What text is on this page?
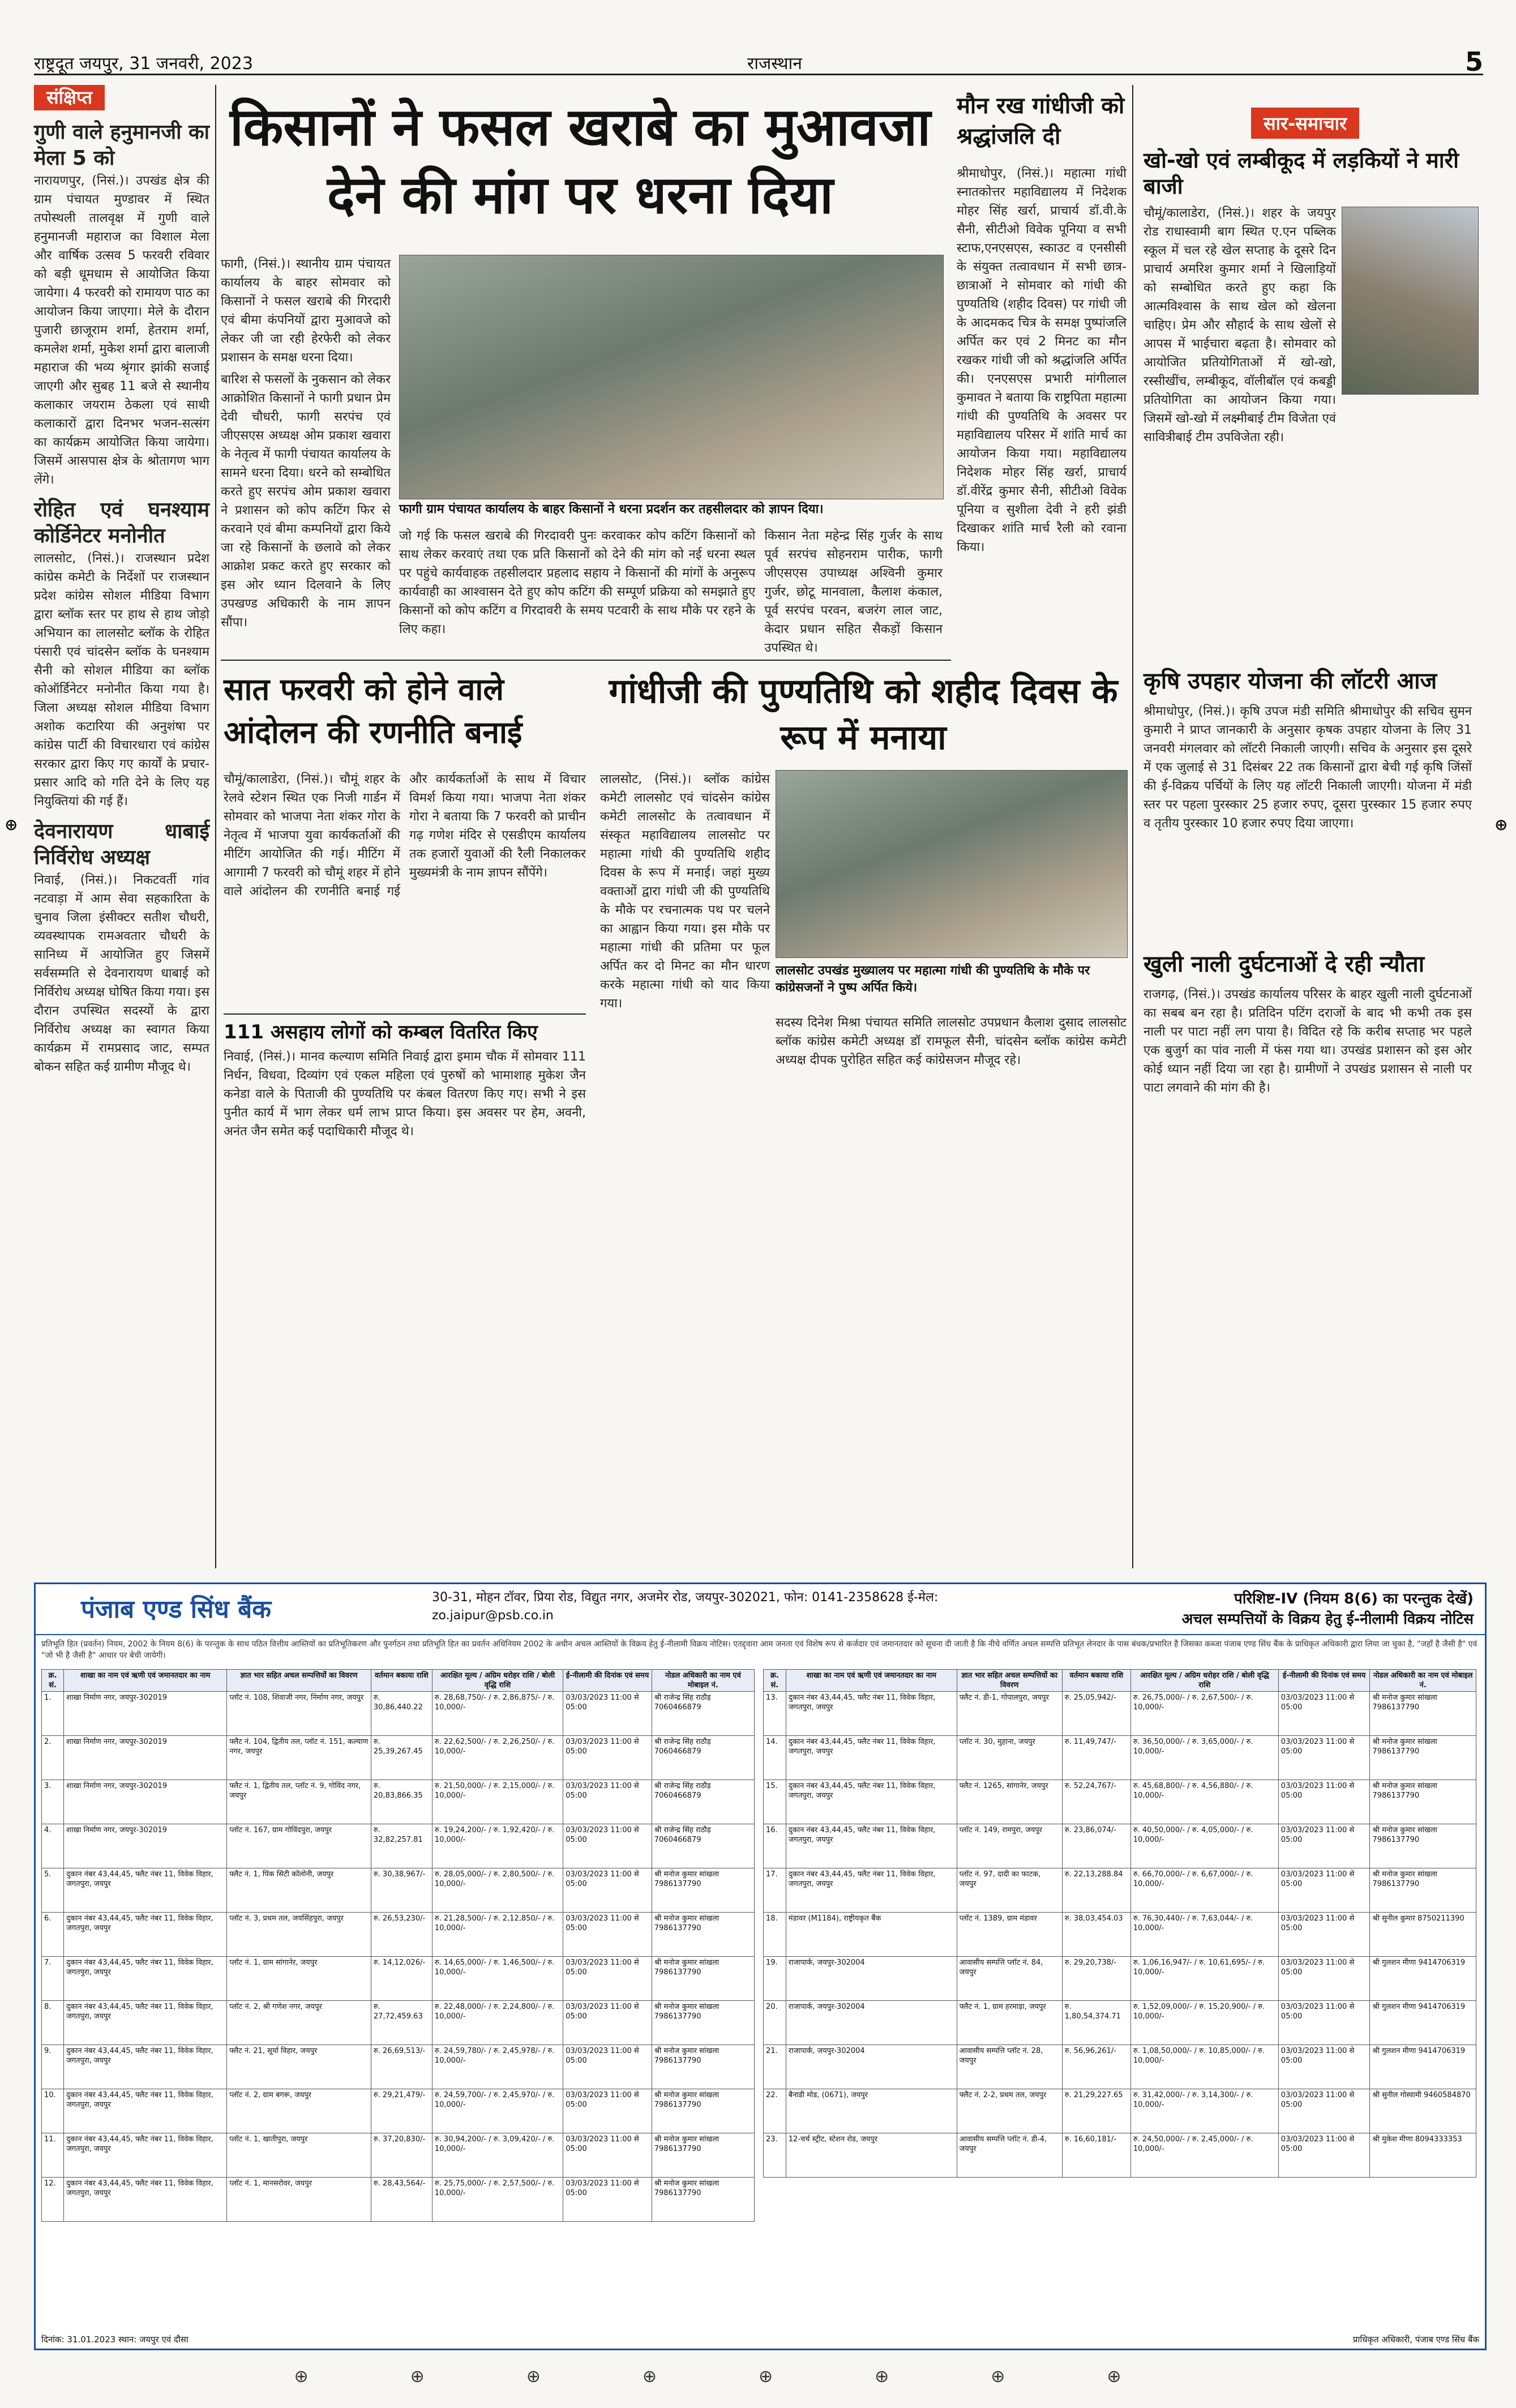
राष्ट्रदूत जयपुर, 31 जनवरी, 2023	राजस्थान	5
संक्षिप्त
गुणी वाले हनुमानजी का मेला 5 को

नारायणपुर, (निसं.)। उपखंड क्षेत्र की ग्राम पंचायत मुण्डावर में स्थित तपोस्थली तालवृक्ष में गुणी वाले हनुमानजी महाराज का विशाल मेला और वार्षिक उत्सव 5 फरवरी रविवार को बड़ी धूमधाम से आयोजित किया जायेगा। 4 फरवरी को रामायण पाठ का आयोजन किया जाएगा। मेले के दौरान पुजारी छाजूराम शर्मा, हेतराम शर्मा, कमलेश शर्मा, मुकेश शर्मा द्वारा बालाजी महाराज की भव्य श्रृंगार झांकी सजाई जाएगी और सुबह 11 बजे से स्थानीय कलाकार जयराम ठेकला एवं साथी कलाकारों द्वारा दिनभर भजन-सत्संग का कार्यक्रम आयोजित किया जायेगा। जिसमें आसपास क्षेत्र के श्रोतागण भाग लेंगे।

रोहित एवं घनश्याम कोर्डिनेटर मनोनीत

लालसोट, (निसं.)। राजस्थान प्रदेश कांग्रेस कमेटी के निर्देशों पर राजस्थान प्रदेश कांग्रेस सोशल मीडिया विभाग द्वारा ब्लॉक स्तर पर हाथ से हाथ जोड़ो अभियान का लालसोट ब्लॉक के रोहित पंसारी एवं चांदसेन ब्लॉक के घनश्याम सैनी को सोशल मीडिया का ब्लॉक कोऑर्डिनेटर मनोनीत किया गया है। जिला अध्यक्ष सोशल मीडिया विभाग अशोक कटारिया की अनुशंषा पर कांग्रेस पार्टी की विचारधारा एवं कांग्रेस सरकार द्वारा किए गए कार्यों के प्रचार-प्रसार आदि को गति देने के लिए यह नियुक्तियां की गई हैं।

देवनारायण धाबाई निर्विरोध अध्यक्ष

निवाई, (निसं.)। निकटवर्ती गांव नटवाड़ा में आम सेवा सहकारिता के चुनाव जिला इंसीक्टर सतीश चौधरी, व्यवस्थापक रामअवतार चौधरी के सानिध्य में आयोजित हुए जिसमें सर्वसम्मति से देवनारायण धाबाई को निर्विरोध अध्यक्ष घोषित किया गया। इस दौरान उपस्थित सदस्यों के द्वारा निर्विरोध अध्यक्ष का स्वागत किया कार्यक्रम में रामप्रसाद जाट, सम्पत बोकन सहित कई ग्रामीण मौजूद थे।

किसानों ने फसल खराबे का मुआवजा देने की मांग पर धरना दिया

फागी, (निसं.)। स्थानीय ग्राम पंचायत कार्यालय के बाहर सोमवार को किसानों ने फसल खराबे की गिरदारी एवं बीमा कंपनियों द्वारा मुआवजे को लेकर जी जा रही हेरफेरी को लेकर प्रशासन के समक्ष धरना दिया।

बारिश से फसलों के नुकसान को लेकर आक्रोशित किसानों ने फागी प्रधान प्रेम देवी चौधरी, फागी सरपंच एवं जीएसएस अध्यक्ष ओम प्रकाश खवारा के नेतृत्व में फागी पंचायत कार्यालय के सामने धरना दिया। धरने को सम्बोधित करते हुए सरपंच ओम प्रकाश खवारा ने प्रशासन को कोप कटिंग फिर से करवाने एवं बीमा कम्पनियों द्वारा किये जा रहे किसानों के छलावे को लेकर आक्रोश प्रकट करते हुए सरकार को इस ओर ध्यान दिलवाने के लिए उपखण्ड अधिकारी के नाम ज्ञापन सौंपा।

फागी ग्राम पंचायत कार्यालय के बाहर किसानों ने धरना प्रदर्शन कर तहसीलदार को ज्ञापन दिया।

जो गई कि फसल खराबे की गिरदावरी पुनः करवाकर कोप कटिंग किसानों को साथ लेकर करवाएं तथा एक प्रति किसानों को देने की मांग को नई धरना स्थल पर पहुंचे कार्यवाहक तहसीलदार प्रहलाद सहाय ने किसानों की मांगों के अनुरूप कार्यवाही का आश्वासन देते हुए कोप कटिंग की सम्पूर्ण प्रक्रिया को समझाते हुए किसानों को कोप कटिंग व गिरदावरी के समय पटवारी के साथ मौके पर रहने के लिए कहा।

किसान नेता महेन्द्र सिंह गुर्जर के साथ पूर्व सरपंच सोहनराम पारीक, फागी जीएसएस उपाध्यक्ष अश्विनी कुमार गुर्जर, छोटू मानवाला, कैलाश कंकाल, पूर्व सरपंच परवन, बजरंग लाल जाट, केदार प्रधान सहित सैकड़ों किसान उपस्थित थे।

मौन रख गांधीजी को श्रद्धांजलि दी

श्रीमाधोपुर, (निसं.)। महात्मा गांधी स्नातकोत्तर महाविद्यालय में निदेशक मोहर सिंह खर्रा, प्राचार्य डॉ.वी.के सैनी, सीटीओ विवेक पूनिया व सभी स्टाफ,एनएसएस, स्काउट व एनसीसी के संयुक्त तत्वावधान में सभी छात्र-छात्राओं ने सोमवार को गांधी की पुण्यतिथि (शहीद दिवस) पर गांधी जी के आदमकद चित्र के समक्ष पुष्पांजलि अर्पित कर एवं 2 मिनट का मौन रखकर गांधी जी को श्रद्धांजलि अर्पित की। एनएसएस प्रभारी मांगीलाल कुमावत ने बताया कि राष्ट्रपिता महात्मा गांधी की पुण्यतिथि के अवसर पर महाविद्यालय परिसर में शांति मार्च का आयोजन किया गया। महाविद्यालय निदेशक मोहर सिंह खर्रा, प्राचार्य डॉ.वीरेंद्र कुमार सैनी, सीटीओ विवेक पूनिया व सुशीला देवी ने हरी झंडी दिखाकर शांति मार्च रैली को रवाना किया।

सार-समाचार
खो-खो एवं लम्बीकूद में लड़कियों ने मारी बाजी

चौमूं/कालाडेरा, (निसं.)। शहर के जयपुर रोड राधास्वामी बाग स्थित ए.एन पब्लिक स्कूल में चल रहे खेल सप्ताह के दूसरे दिन प्राचार्य अमरिश कुमार शर्मा ने खिलाड़ियों को सम्बोधित करते हुए कहा कि आत्मविश्वास के साथ खेल को खेलना चाहिए। प्रेम और सौहार्द के साथ खेलों से आपस में भाईचारा बढ़ता है। सोमवार को आयोजित प्रतियोगिताओं में खो-खो, रस्सीखींच, लम्बीकूद, वॉलीबॉल एवं कबड्डी प्रतियोगिता का आयोजन किया गया। जिसमें खो-खो में लक्ष्मीबाई टीम विजेता एवं सावित्रीबाई टीम उपविजेता रही।

कृषि उपहार योजना की लॉटरी आज

श्रीमाधोपुर, (निसं.)। कृषि उपज मंडी समिति श्रीमाधोपुर की सचिव सुमन कुमारी ने प्राप्त जानकारी के अनुसार कृषक उपहार योजना के लिए 31 जनवरी मंगलवार को लॉटरी निकाली जाएगी। सचिव के अनुसार इस दूसरे में एक जुलाई से 31 दिसंबर 22 तक किसानों द्वारा बेची गई कृषि जिंसों की ई-विक्रय पर्चियों के लिए यह लॉटरी निकाली जाएगी। योजना में मंडी स्तर पर पहला पुरस्कार 25 हजार रुपए, दूसरा पुरस्कार 15 हजार रुपए व तृतीय पुरस्कार 10 हजार रुपए दिया जाएगा।

खुली नाली दुर्घटनाओं दे रही न्यौता

राजगढ़, (निसं.)। उपखंड कार्यालय परिसर के बाहर खुली नाली दुर्घटनाओं का सबब बन रहा है। प्रतिदिन पटिंग दराजों के बाद भी कभी तक इस नाली पर पाटा नहीं लग पाया है। विदित रहे कि करीब सप्ताह भर पहले एक बुजुर्ग का पांव नाली में फंस गया था। उपखंड प्रशासन को इस ओर कोई ध्यान नहीं दिया जा रहा है। ग्रामीणों ने उपखंड प्रशासन से नाली पर पाटा लगवाने की मांग की है।

सात फरवरी को होने वाले आंदोलन की रणनीति बनाई

चौमूं/कालाडेरा, (निसं.)। चौमूं शहर के रेलवे स्टेशन स्थित एक निजी गार्डन में सोमवार को भाजपा नेता शंकर गोरा के नेतृत्व में भाजपा युवा कार्यकर्ताओं की मीटिंग आयोजित की गई। मीटिंग में आगामी 7 फरवरी को चौमूं शहर में होने वाले आंदोलन की रणनीति बनाई गई और कार्यकर्ताओं के साथ में विचार विमर्श किया गया। भाजपा नेता शंकर गोरा ने बताया कि 7 फरवरी को प्राचीन गढ़ गणेश मंदिर से एसडीएम कार्यालय तक हजारों युवाओं की रैली निकालकर मुख्यमंत्री के नाम ज्ञापन सौंपेंगे।

111 असहाय लोगों को कम्बल वितरित किए

निवाई, (निसं.)। मानव कल्याण समिति निवाई द्वारा इमाम चौक में सोमवार 111 निर्धन, विधवा, दिव्यांग एवं एकल महिला एवं पुरुषों को भामाशाह मुकेश जैन कनेडा वाले के पिताजी की पुण्यतिथि पर कंबल वितरण किए गए। सभी ने इस पुनीत कार्य में भाग लेकर धर्म लाभ प्राप्त किया। इस अवसर पर हेम, अवनी, अनंत जैन समेत कई पदाधिकारी मौजूद थे।

गांधीजी की पुण्यतिथि को शहीद दिवस के रूप में मनाया

लालसोट, (निसं.)। ब्लॉक कांग्रेस कमेटी लालसोट एवं चांदसेन कांग्रेस कमेटी लालसोट के तत्वावधान में संस्कृत महाविद्यालय लालसोट पर महात्मा गांधी की पुण्यतिथि शहीद दिवस के रूप में मनाई। जहां मुख्य वक्ताओं द्वारा गांधी जी की पुण्यतिथि के मौके पर रचनात्मक पथ पर चलने का आह्वान किया गया। इस मौके पर महात्मा गांधी की प्रतिमा पर फूल अर्पित कर दो मिनट का मौन धारण करके महात्मा गांधी को याद किया गया।

लालसोट उपखंड मुख्यालय पर महात्मा गांधी की पुण्यतिथि के मौके पर कांग्रेसजनों ने पुष्प अर्पित किये।

सदस्य दिनेश मिश्रा पंचायत समिति लालसोट उपप्रधान कैलाश दुसाद लालसोट ब्लॉक कांग्रेस कमेटी अध्यक्ष डॉ रामफूल सैनी, चांदसेन ब्लॉक कांग्रेस कमेटी अध्यक्ष दीपक पुरोहित सहित कई कांग्रेसजन मौजूद रहे।

⊕	⊕
पंजाब एण्ड सिंध बैंक	30-31, मोहन टॉवर, प्रिया रोड, विद्युत नगर, अजमेर रोड, जयपुर-302021, फोन: 0141-2358628 ई-मेल: zo.jaipur@psb.co.in
परिशिष्ट-IV (नियम 8(6) का परन्तुक देखें)
अचल सम्पत्तियों के विक्रय हेतु ई-नीलामी विक्रय नोटिस
प्रतिभूति हित (प्रवर्तन) नियम, 2002 के नियम 8(6) के परन्तुक के साथ पठित वित्तीय आस्तियों का प्रतिभूतिकरण और पुनर्गठन तथा प्रतिभूति हित का प्रवर्तन अधिनियम 2002 के अधीन अचल आस्तियों के विक्रय हेतु ई-नीलामी विक्रय नोटिस। एतद्द्वारा आम जनता एवं विशेष रूप से कर्जदार एवं जमानतदार को सूचना दी जाती है कि नीचे वर्णित अचल सम्पत्ति प्रतिभूत लेनदार के पास बंधक/प्रभारित है जिसका कब्जा पंजाब एण्ड सिंध बैंक के प्राधिकृत अधिकारी द्वारा लिया जा चुका है, "जहाँ है जैसी है" एवं "जो भी है जैसी है" आधार पर बेची जायेगी।
क्र. सं.	शाखा का नाम एवं ऋणी एवं जमानतदार का नाम	ज्ञात भार सहित अचल सम्पत्तियों का विवरण	वर्तमान बकाया राशि	आरक्षित मूल्य / अग्रिम धरोहर राशि / बोली वृद्धि राशि	ई-नीलामी की दिनांक एवं समय	नोडल अधिकारी का नाम एवं मोबाइल नं.
1.	शाखा निर्माण नगर, जयपुर-302019	प्लॉट नं. 108, शिवाजी नगर, निर्माण नगर, जयपुर	रु. 30,86,440.22	रु. 28,68,750/- / रु. 2,86,875/- / रु. 10,000/-	03/03/2023 11:00 से 05:00	श्री राजेन्द्र सिंह राठौड़ 7060466879
2.	शाखा निर्माण नगर, जयपुर-302019	फ्लैट नं. 104, द्वितीय तल, प्लॉट नं. 151, कल्याण नगर, जयपुर	रु. 25,39,267.45	रु. 22,62,500/- / रु. 2,26,250/- / रु. 10,000/-	03/03/2023 11:00 से 05:00	श्री राजेन्द्र सिंह राठौड़ 7060466879
3.	शाखा निर्माण नगर, जयपुर-302019	फ्लैट नं. 1, द्वितीय तल, प्लॉट नं. 9, गोविंद नगर, जयपुर	रु. 20,83,866.35	रु. 21,50,000/- / रु. 2,15,000/- / रु. 10,000/-	03/03/2023 11:00 से 05:00	श्री राजेन्द्र सिंह राठौड़ 7060466879
4.	शाखा निर्माण नगर, जयपुर-302019	प्लॉट नं. 167, ग्राम गोविंदपुरा, जयपुर	रु. 32,82,257.81	रु. 19,24,200/- / रु. 1,92,420/- / रु. 10,000/-	03/03/2023 11:00 से 05:00	श्री राजेन्द्र सिंह राठौड़ 7060466879
5.	दुकान नंबर 43,44,45, फ्लैट नंबर 11, विवेक विहार, जगतपुरा, जयपुर	फ्लैट नं. 1, पिंक सिटी कॉलोनी, जयपुर	रु. 30,38,967/-	रु. 28,05,000/- / रु. 2,80,500/- / रु. 10,000/-	03/03/2023 11:00 से 05:00	श्री मनोज कुमार सांखला 7986137790
6.	दुकान नंबर 43,44,45, फ्लैट नंबर 11, विवेक विहार, जगतपुरा, जयपुर	प्लॉट नं. 3, प्रथम तल, जयसिंहपुरा, जयपुर	रु. 26,53,230/-	रु. 21,28,500/- / रु. 2,12,850/- / रु. 10,000/-	03/03/2023 11:00 से 05:00	श्री मनोज कुमार सांखला 7986137790
7.	दुकान नंबर 43,44,45, फ्लैट नंबर 11, विवेक विहार, जगतपुरा, जयपुर	प्लॉट नं. 1, ग्राम सांगानेर, जयपुर	रु. 14,12,026/-	रु. 14,65,000/- / रु. 1,46,500/- / रु. 10,000/-	03/03/2023 11:00 से 05:00	श्री मनोज कुमार सांखला 7986137790
8.	दुकान नंबर 43,44,45, फ्लैट नंबर 11, विवेक विहार, जगतपुरा, जयपुर	प्लॉट नं. 2, श्री गणेश नगर, जयपुर	रु. 27,72,459.63	रु. 22,48,000/- / रु. 2,24,800/- / रु. 10,000/-	03/03/2023 11:00 से 05:00	श्री मनोज कुमार सांखला 7986137790
9.	दुकान नंबर 43,44,45, फ्लैट नंबर 11, विवेक विहार, जगतपुरा, जयपुर	फ्लैट नं. 21, सूर्या विहार, जयपुर	रु. 26,69,513/-	रु. 24,59,780/- / रु. 2,45,978/- / रु. 10,000/-	03/03/2023 11:00 से 05:00	श्री मनोज कुमार सांखला 7986137790
10.	दुकान नंबर 43,44,45, फ्लैट नंबर 11, विवेक विहार, जगतपुरा, जयपुर	प्लॉट नं. 2, ग्राम बगरू, जयपुर	रु. 29,21,479/-	रु. 24,59,700/- / रु. 2,45,970/- / रु. 10,000/-	03/03/2023 11:00 से 05:00	श्री मनोज कुमार सांखला 7986137790
11.	दुकान नंबर 43,44,45, फ्लैट नंबर 11, विवेक विहार, जगतपुरा, जयपुर	प्लॉट नं. 1, खातीपुरा, जयपुर	रु. 37,20,830/-	रु. 30,94,200/- / रु. 3,09,420/- / रु. 10,000/-	03/03/2023 11:00 से 05:00	श्री मनोज कुमार सांखला 7986137790
12.	दुकान नंबर 43,44,45, फ्लैट नंबर 11, विवेक विहार, जगतपुरा, जयपुर	प्लॉट नं. 1, मानसरोवर, जयपुर	रु. 28,43,564/-	रु. 25,75,000/- / रु. 2,57,500/- / रु. 10,000/-	03/03/2023 11:00 से 05:00	श्री मनोज कुमार सांखला 7986137790
क्र. सं.	शाखा का नाम एवं ऋणी एवं जमानतदार का नाम	ज्ञात भार सहित अचल सम्पत्तियों का विवरण	वर्तमान बकाया राशि	आरक्षित मूल्य / अग्रिम धरोहर राशि / बोली वृद्धि राशि	ई-नीलामी की दिनांक एवं समय	नोडल अधिकारी का नाम एवं मोबाइल नं.
13.	दुकान नंबर 43,44,45, फ्लैट नंबर 11, विवेक विहार, जगतपुरा, जयपुर	फ्लैट नं. डी-1, गोपालपुरा, जयपुर	रु. 25,05,942/-	रु. 26,75,000/- / रु. 2,67,500/- / रु. 10,000/-	03/03/2023 11:00 से 05:00	श्री मनोज कुमार सांखला 7986137790
14.	दुकान नंबर 43,44,45, फ्लैट नंबर 11, विवेक विहार, जगतपुरा, जयपुर	प्लॉट नं. 30, मुहाना, जयपुर	रु. 11,49,747/-	रु. 36,50,000/- / रु. 3,65,000/- / रु. 10,000/-	03/03/2023 11:00 से 05:00	श्री मनोज कुमार सांखला 7986137790
15.	दुकान नंबर 43,44,45, फ्लैट नंबर 11, विवेक विहार, जगतपुरा, जयपुर	फ्लैट नं. 1265, सांगानेर, जयपुर	रु. 52,24,767/-	रु. 45,68,800/- / रु. 4,56,880/- / रु. 10,000/-	03/03/2023 11:00 से 05:00	श्री मनोज कुमार सांखला 7986137790
16.	दुकान नंबर 43,44,45, फ्लैट नंबर 11, विवेक विहार, जगतपुरा, जयपुर	प्लॉट नं. 149, रामपुरा, जयपुर	रु. 23,86,074/-	रु. 40,50,000/- / रु. 4,05,000/- / रु. 10,000/-	03/03/2023 11:00 से 05:00	श्री मनोज कुमार सांखला 7986137790
17.	दुकान नंबर 43,44,45, फ्लैट नंबर 11, विवेक विहार, जगतपुरा, जयपुर	प्लॉट नं. 97, दादी का फाटक, जयपुर	रु. 22,13,288.84	रु. 66,70,000/- / रु. 6,67,000/- / रु. 10,000/-	03/03/2023 11:00 से 05:00	श्री मनोज कुमार सांखला 7986137790
18.	मंडावर (M1184), राष्ट्रीयकृत बैंक	प्लॉट नं. 1389, ग्राम मंडावर	रु. 38,03,454.03	रु. 76,30,440/- / रु. 7,63,044/- / रु. 10,000/-	03/03/2023 11:00 से 05:00	श्री सुनील कुमार 8750211390
19.	राजापार्क, जयपुर-302004	आवासीय सम्पत्ति प्लॉट नं. 84, जयपुर	रु. 29,20,738/-	रु. 1,06,16,947/- / रु. 10,61,695/- / रु. 10,000/-	03/03/2023 11:00 से 05:00	श्री गुलशन मीणा 9414706319
20.	राजापार्क, जयपुर-302004	फ्लैट नं. 1, ग्राम हरमाड़ा, जयपुर	रु. 1,80,54,374.71	रु. 1,52,09,000/- / रु. 15,20,900/- / रु. 10,000/-	03/03/2023 11:00 से 05:00	श्री गुलशन मीणा 9414706319
21.	राजापार्क, जयपुर-302004	आवासीय सम्पत्ति प्लॉट नं. 28, जयपुर	रु. 56,96,261/-	रु. 1,08,50,000/- / रु. 10,85,000/- / रु. 10,000/-	03/03/2023 11:00 से 05:00	श्री गुलशन मीणा 9414706319
22.	बैनाडी मोड, (0671), जयपुर	फ्लैट नं. 2-2, प्रथम तल, जयपुर	रु. 21,29,227.65	रु. 31,42,000/- / रु. 3,14,300/- / रु. 10,000/-	03/03/2023 11:00 से 05:00	श्री सुनील गोस्वामी 9460584870
23.	12-चर्च स्ट्रीट, स्टेशन रोड, जयपुर	आवासीय सम्पत्ति प्लॉट नं. डी-4, जयपुर	रु. 16,60,181/-	रु. 24,50,000/- / रु. 2,45,000/- / रु. 10,000/-	03/03/2023 11:00 से 05:00	श्री मुकेश मीणा 8094333353
दिनांक: 31.01.2023 स्थान: जयपुर एवं दौसा	प्राधिकृत अधिकारी, पंजाब एण्ड सिंध बैंक
⊕⊕⊕⊕⊕⊕⊕⊕
